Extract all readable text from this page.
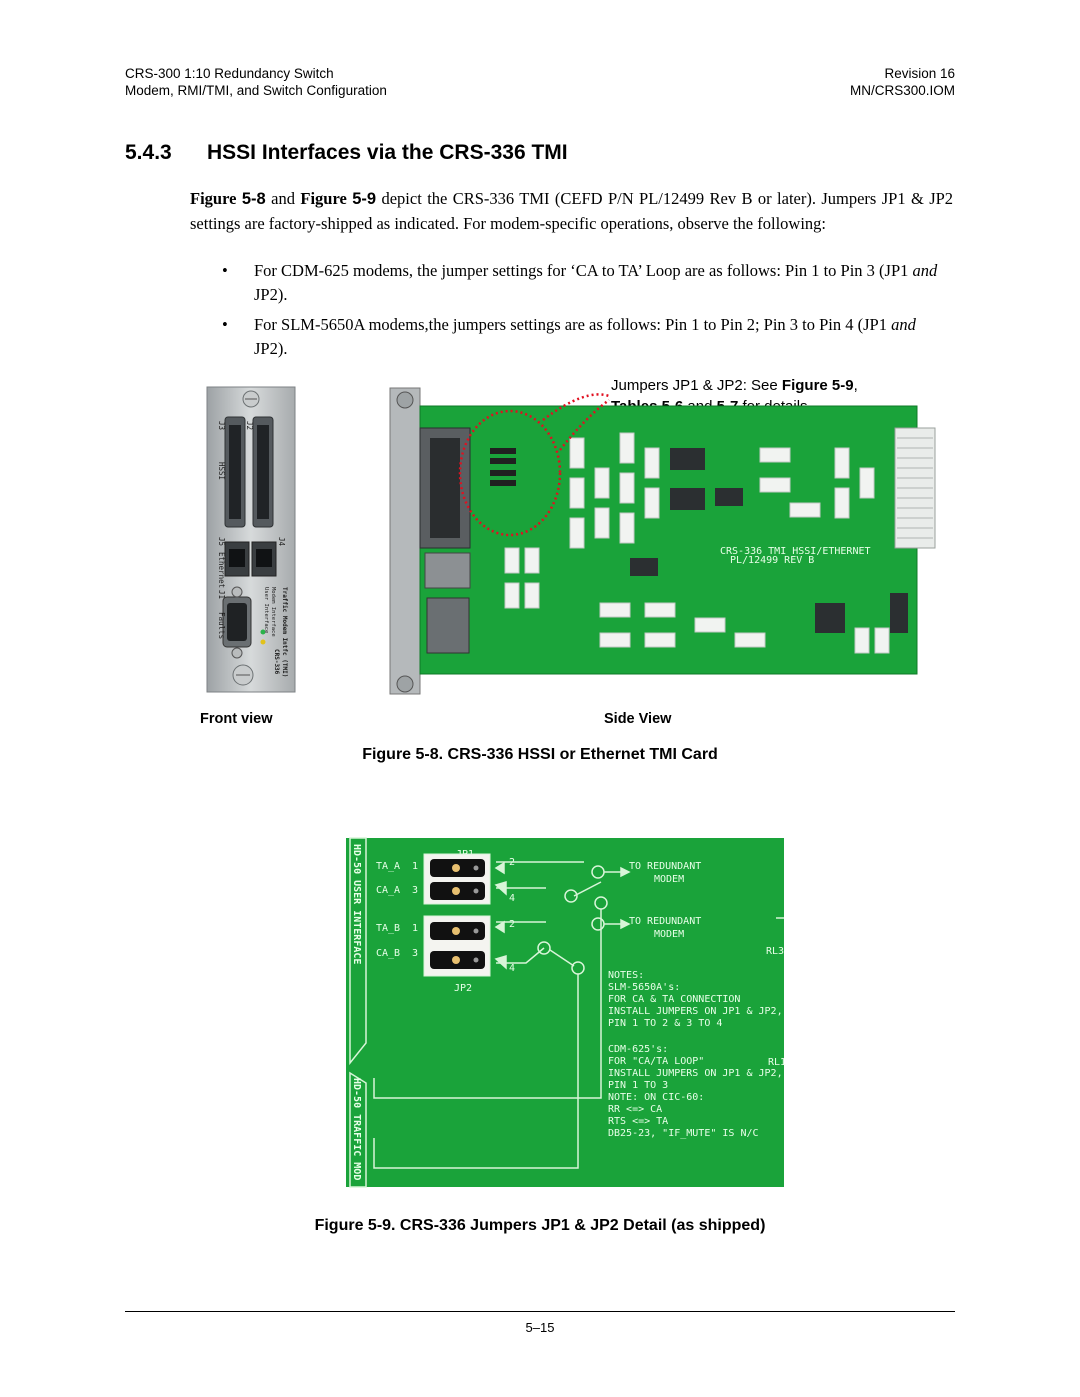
CRS-300 1:10 Redundancy Switch
Modem, RMI/TMI, and Switch Configuration
Revision 16
MN/CRS300.IOM
5.4.3 HSSI Interfaces via the CRS-336 TMI
Figure 5-8 and Figure 5-9 depict the CRS-336 TMI (CEFD P/N PL/12499 Rev B or later). Jumpers JP1 & JP2 settings are factory-shipped as indicated. For modem-specific operations, observe the following:
• For CDM-625 modems, the jumper settings for ‘CA to TA’ Loop are as follows: Pin 1 to Pin 3 (JP1 and JP2).
• For SLM-5650A modems,the jumpers settings are as follows: Pin 1 to Pin 2; Pin 3 to Pin 4 (JP1 and JP2).
Jumpers JP1 & JP2: See Figure 5-9,
J3	J2
HSSI
J5
Ethernet
J4
J1
Faults	User Interface Modem Interface Traffic Modem Intfc (TMI)
CRS-336
CRS-336 TMI HSSI/ETHERNET
PL/12499 REV B
Front view	Side View
Figure 5-8. CRS-336 HSSI or Ethernet TMI Card
HD-50 USER INTERFACE
HD-50 TRAFFIC MOD
TA_A
CA_A
TA_B
CA_B
1
3
1
3
2
4
2
4
JP2
TO REDUNDANT
MODEM
TO REDUNDANT
MODEM
RL3
RL1
NOTES:
SLM-5650A's:
FOR CA & TA CONNECTION
INSTALL JUMPERS ON JP1 & JP2,
PIN 1 TO 2 & 3 TO 4
CDM-625's:
FOR "CA/TA LOOP"
INSTALL JUMPERS ON JP1 & JP2,
PIN 1 TO 3
NOTE: ON CIC-60:
RR <=> CA
RTS <=> TA
DB25-23, "IF_MUTE" IS N/C
Figure 5-9. CRS-336 Jumpers JP1 & JP2 Detail (as shipped)
5–15
